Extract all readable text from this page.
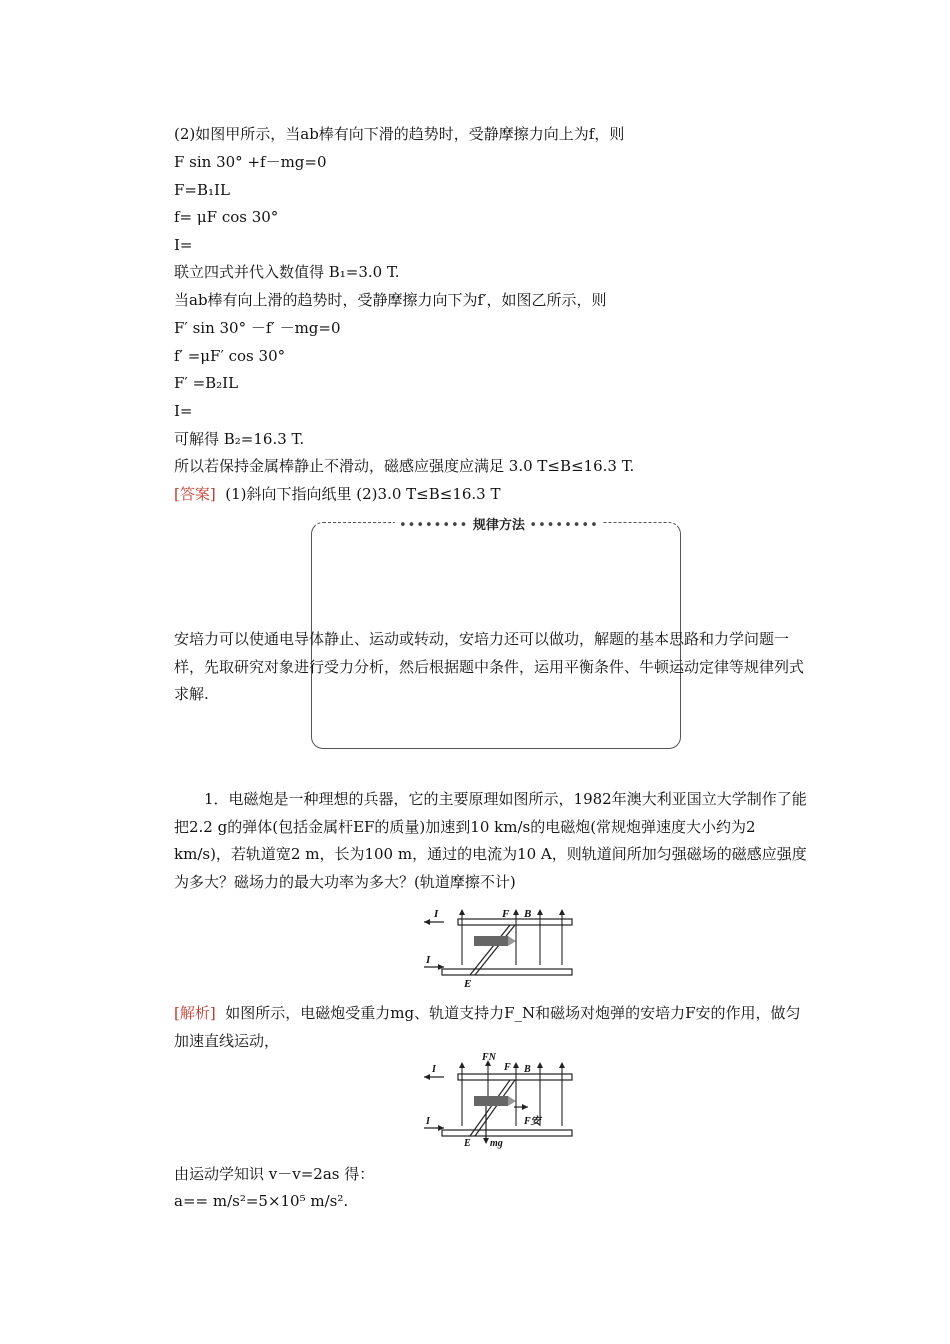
(2)如图甲所示，当ab棒有向下滑的趋势时，受静摩擦力向上为f，则
F sin 30° +f－mg=0
F=B₁IL
f= μF cos 30°
I=
联立四式并代入数值得 B₁=3.0 T.
当ab棒有向上滑的趋势时，受静摩擦力向下为f′，如图乙所示，则
F′ sin 30° －f′ －mg=0
f′ =μF′ cos 30°
F′ =B₂IL
I=
可解得 B₂=16.3 T.
所以若保持金属棒静止不滑动，磁感应强度应满足 3.0 T≤B≤16.3 T.
[答案] (1)斜向下指向纸里 (2)3.0 T≤B≤16.3 T
•••••••• 规律方法 ••••••••
安培力可以使通电导体静止、运动或转动，安培力还可以做功，解题的基本思路和力学问题一样，先取研究对象进行受力分析，然后根据题中条件，运用平衡条件、牛顿运动定律等规律列式求解.
1．电磁炮是一种理想的兵器，它的主要原理如图所示，1982年澳大利亚国立大学制作了能把2.2 g的弹体(包括金属杆EF的质量)加速到10 km/s的电磁炮(常规炮弹速度大小约为2 km/s)，若轨道宽2 m，长为100 m，通过的电流为10 A，则轨道间所加匀强磁场的磁感应强度为多大？磁场力的最大功率为多大？(轨道摩擦不计)
I
I
F B
E
[解析] 如图所示，电磁炮受重力mg、轨道支持力F_N和磁场对炮弹的安培力F安的作用，做匀加速直线运动，
I
I
FN
F B
E
F安
mg
由运动学知识 v－v=2as 得：
a== m/s²=5×10⁵ m/s².
